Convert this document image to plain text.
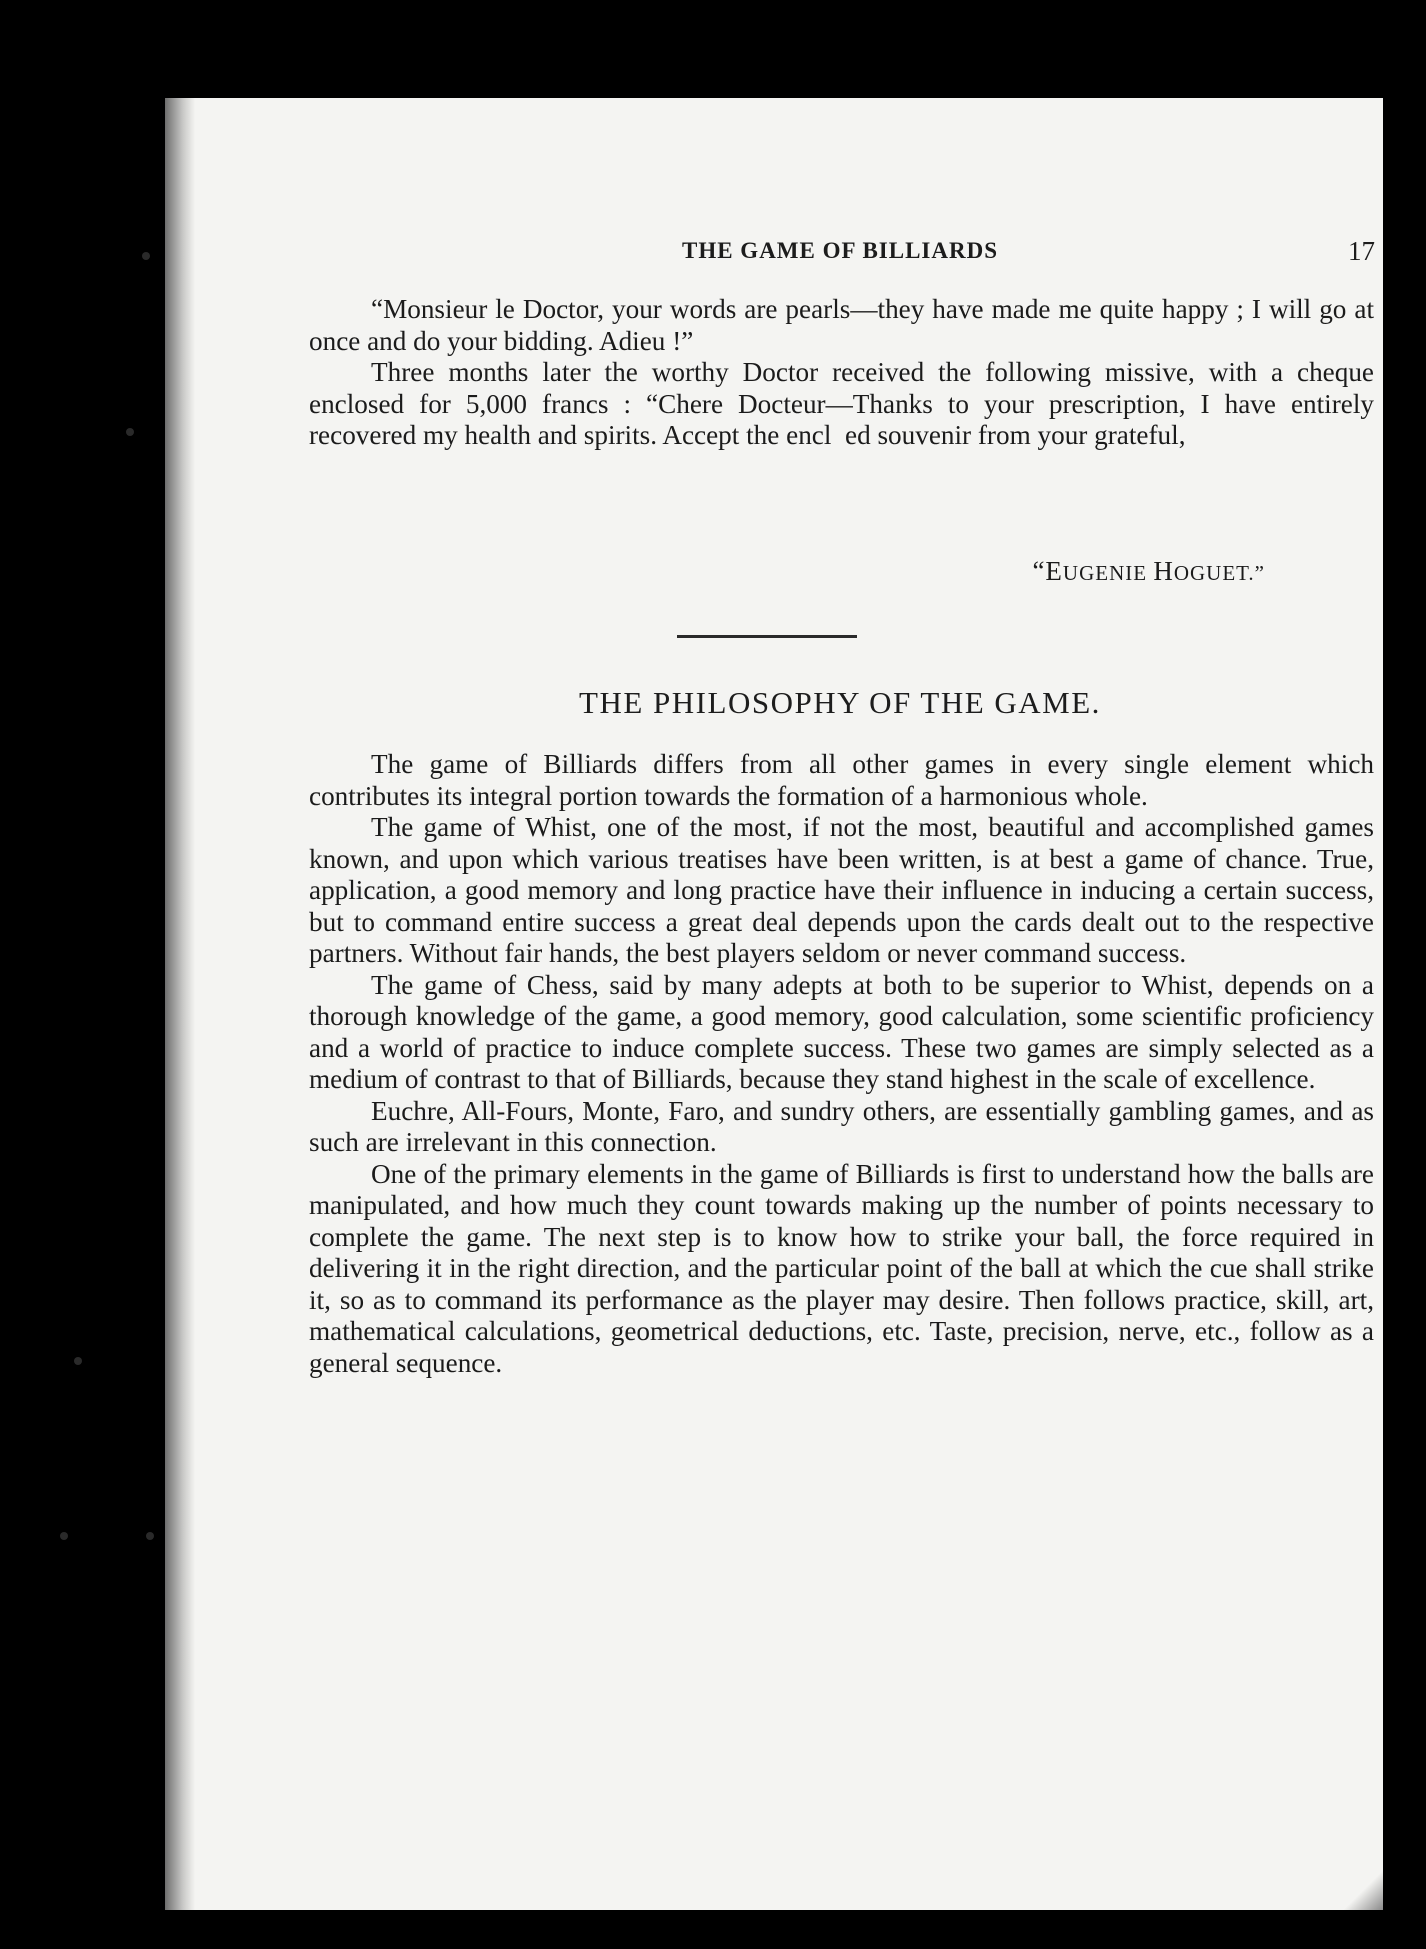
THE GAME OF BILLIARDS	17

“Monsieur le Doctor, your words are pearls—they have made me quite happy ; I will go at once and do your bidding. Adieu !”

Three months later the worthy Doctor received the following missive, with a cheque enclosed for 5,000 francs : “Chere Docteur—Thanks to your prescription, I have entirely recovered my health and spirits. Accept the encl  ed souvenir from your grateful,

“EUGENIE HOGUET.”
THE PHILOSOPHY OF THE GAME.

The game of Billiards differs from all other games in every single element which contributes its integral portion towards the formation of a harmonious whole.

The game of Whist, one of the most, if not the most, beautiful and accomplished games known, and upon which various treatises have been written, is at best a game of chance. True, application, a good memory and long practice have their influence in inducing a certain success, but to command entire success a great deal depends upon the cards dealt out to the respective partners. Without fair hands, the best players seldom or never command success.

The game of Chess, said by many adepts at both to be superior to Whist, depends on a thorough knowledge of the game, a good memory, good calculation, some scientific proficiency and a world of practice to induce complete success. These two games are simply selected as a medium of contrast to that of Billiards, because they stand highest in the scale of excellence.

Euchre, All-Fours, Monte, Faro, and sundry others, are essentially gambling games, and as such are irrelevant in this connection.

One of the primary elements in the game of Billiards is first to understand how the balls are manipulated, and how much they count towards making up the number of points necessary to complete the game. The next step is to know how to strike your ball, the force required in delivering it in the right direction, and the particular point of the ball at which the cue shall strike it, so as to command its performance as the player may desire. Then follows practice, skill, art, mathematical calculations, geometrical deductions, etc. Taste, precision, nerve, etc., follow as a general sequence.
